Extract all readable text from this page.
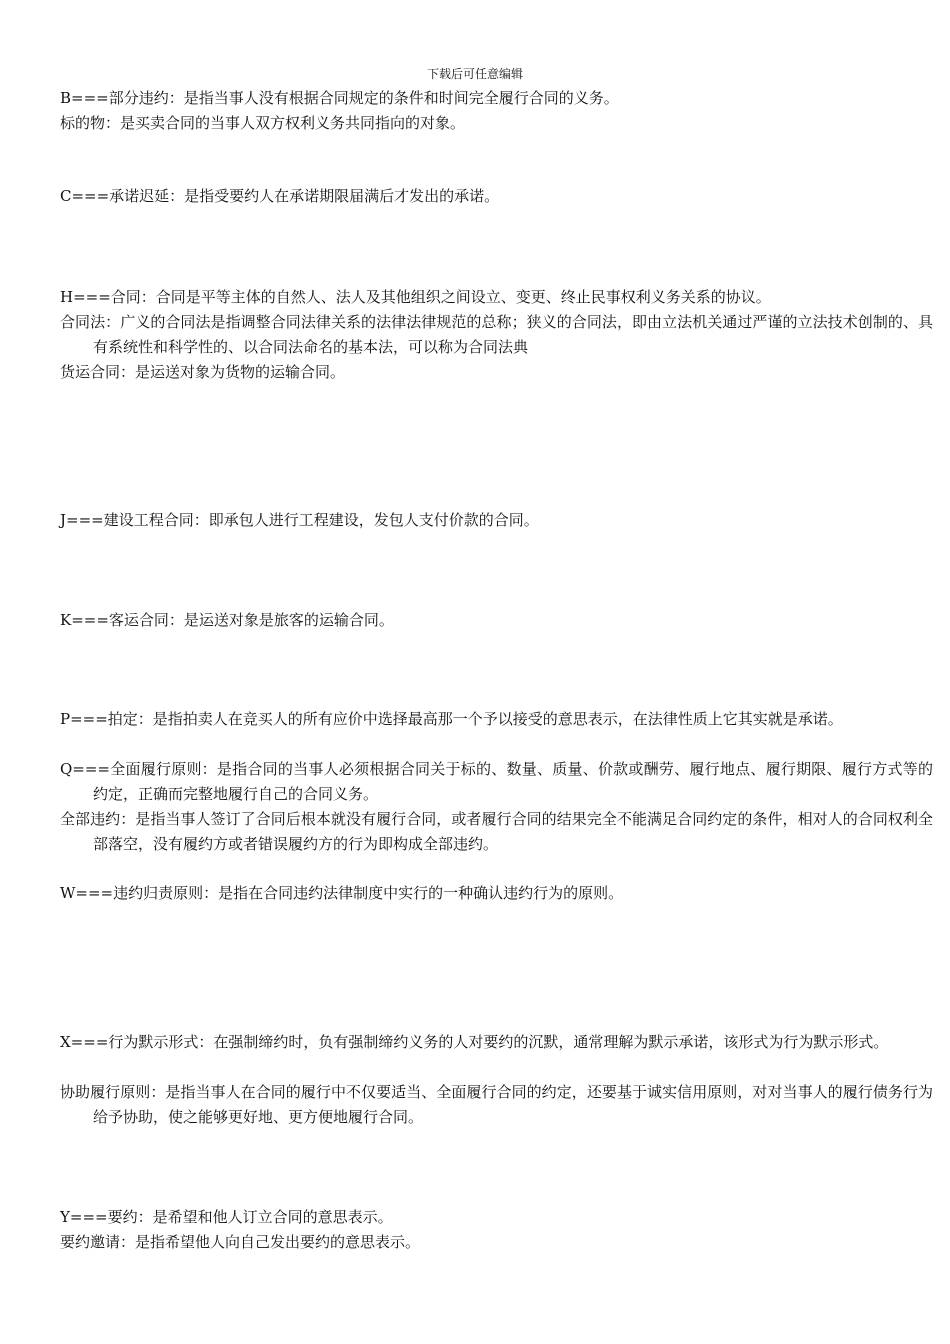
下载后可任意编辑
B===部分违约：是指当事人没有根据合同规定的条件和时间完全履行合同的义务。
标的物：是买卖合同的当事人双方权利义务共同指向的对象。
C===承诺迟延：是指受要约人在承诺期限届满后才发出的承诺。
H===合同：合同是平等主体的自然人、法人及其他组织之间设立、变更、终止民事权利义务关系的协议。
合同法：广义的合同法是指调整合同法律关系的法律法律规范的总称；狭义的合同法，即由立法机关通过严谨的立法技术创制的、具有系统性和科学性的、以合同法命名的基本法，可以称为合同法典
货运合同：是运送对象为货物的运输合同。
J===建设工程合同：即承包人进行工程建设，发包人支付价款的合同。
K===客运合同：是运送对象是旅客的运输合同。
P===拍定：是指拍卖人在竞买人的所有应价中选择最高那一个予以接受的意思表示，在法律性质上它其实就是承诺。
Q===全面履行原则：是指合同的当事人必须根据合同关于标的、数量、质量、价款或酬劳、履行地点、履行期限、履行方式等的约定，正确而完整地履行自己的合同义务。
全部违约：是指当事人签订了合同后根本就没有履行合同，或者履行合同的结果完全不能满足合同约定的条件，相对人的合同权利全部落空，没有履约方或者错误履约方的行为即构成全部违约。
W===违约归责原则：是指在合同违约法律制度中实行的一种确认违约行为的原则。
X===行为默示形式：在强制缔约时，负有强制缔约义务的人对要约的沉默，通常理解为默示承诺，该形式为行为默示形式。
协助履行原则：是指当事人在合同的履行中不仅要适当、全面履行合同的约定，还要基于诚实信用原则，对对当事人的履行债务行为给予协助，使之能够更好地、更方便地履行合同。
Y===要约：是希望和他人订立合同的意思表示。
要约邀请：是指希望他人向自己发出要约的意思表示。
